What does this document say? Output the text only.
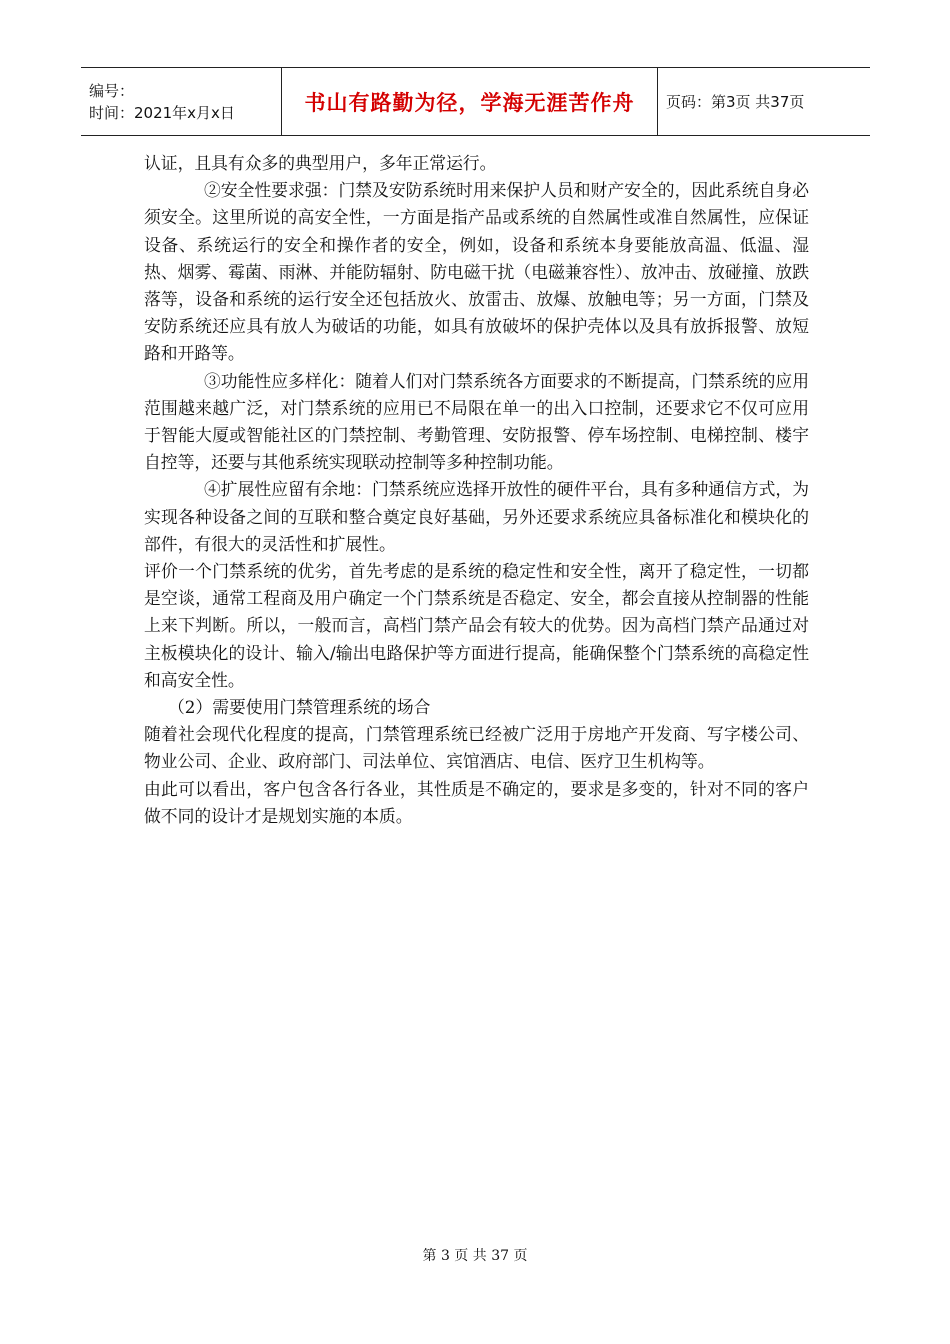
编号：
时间：2021年x月x日	书山有路勤为径，学海无涯苦作舟 页码：第3页 共37页

认证，且具有众多的典型用户，多年正常运行。

②安全性要求强：门禁及安防系统时用来保护人员和财产安全的，因此系统自身必须安全。这里所说的高安全性，一方面是指产品或系统的自然属性或准自然属性，应保证设备、系统运行的安全和操作者的安全，例如，设备和系统本身要能放高温、低温、湿热、烟雾、霉菌、雨淋、并能防辐射、防电磁干扰（电磁兼容性）、放冲击、放碰撞、放跌落等，设备和系统的运行安全还包括放火、放雷击、放爆、放触电等；另一方面，门禁及安防系统还应具有放人为破话的功能，如具有放破坏的保护壳体以及具有放拆报警、放短路和开路等。

③功能性应多样化：随着人们对门禁系统各方面要求的不断提高，门禁系统的应用范围越来越广泛，对门禁系统的应用已不局限在单一的出入口控制，还要求它不仅可应用于智能大厦或智能社区的门禁控制、考勤管理、安防报警、停车场控制、电梯控制、楼宇自控等，还要与其他系统实现联动控制等多种控制功能。

④扩展性应留有余地：门禁系统应选择开放性的硬件平台，具有多种通信方式，为实现各种设备之间的互联和整合奠定良好基础，另外还要求系统应具备标准化和模块化的部件，有很大的灵活性和扩展性。

评价一个门禁系统的优劣，首先考虑的是系统的稳定性和安全性，离开了稳定性，一切都是空谈，通常工程商及用户确定一个门禁系统是否稳定、安全，都会直接从控制器的性能上来下判断。所以，一般而言，高档门禁产品会有较大的优势。因为高档门禁产品通过对主板模块化的设计、输入/输出电路保护等方面进行提高，能确保整个门禁系统的高稳定性和高安全性。

（2）需要使用门禁管理系统的场合

随着社会现代化程度的提高，门禁管理系统已经被广泛用于房地产开发商、写字楼公司、物业公司、企业、政府部门、司法单位、宾馆酒店、电信、医疗卫生机构等。

由此可以看出，客户包含各行各业，其性质是不确定的，要求是多变的，针对不同的客户做不同的设计才是规划实施的本质。

第 3 页 共 37 页
